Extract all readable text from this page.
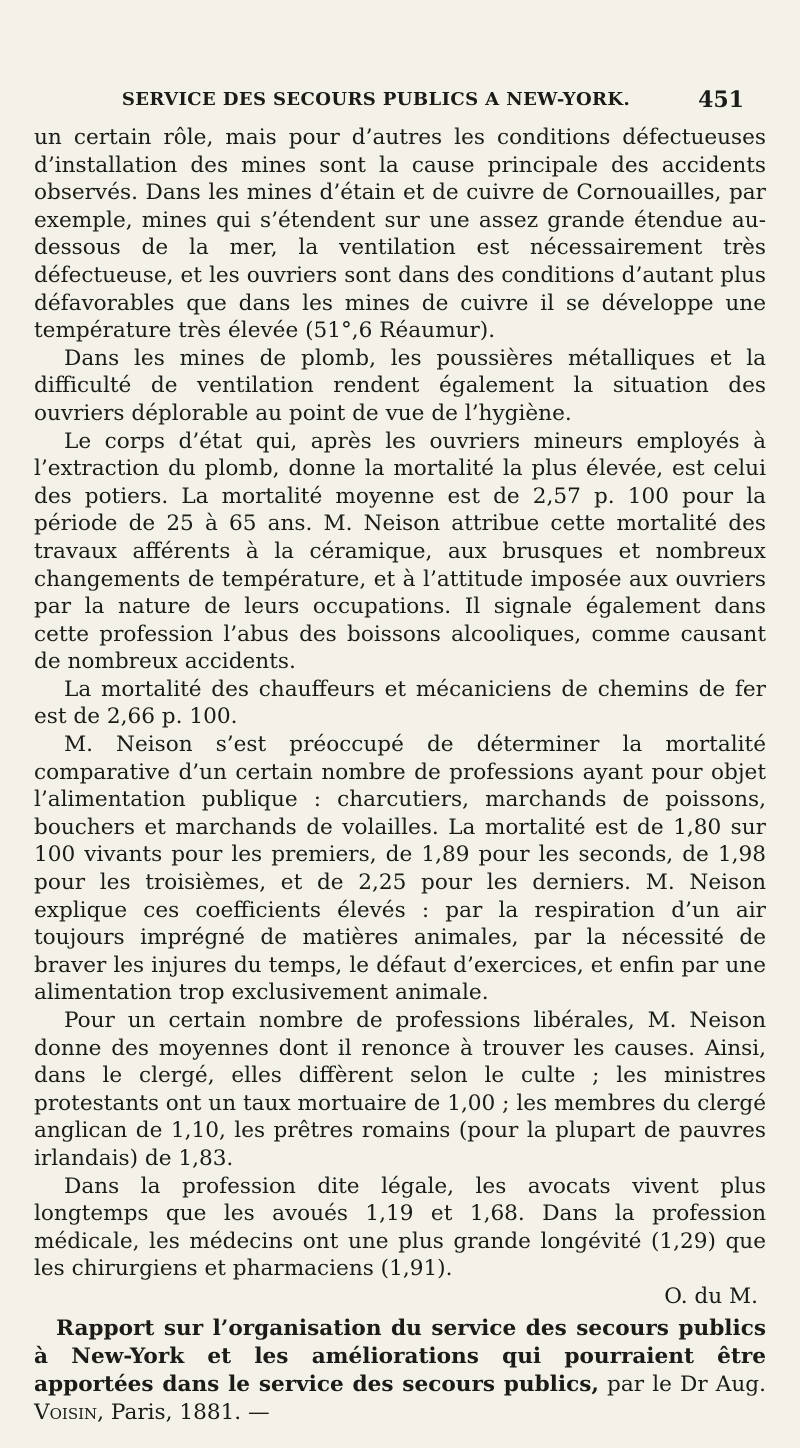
SERVICE DES SECOURS PUBLICS A NEW-YORK.	451

un certain rôle, mais pour d’autres les conditions défectueuses d’installation des mines sont la cause principale des accidents observés. Dans les mines d’étain et de cuivre de Cornouailles, par exemple, mines qui s’étendent sur une assez grande étendue au-dessous de la mer, la ventilation est nécessairement très défectueuse, et les ouvriers sont dans des conditions d’autant plus défavorables que dans les mines de cuivre il se développe une température très élevée (51°,6 Réaumur).

Dans les mines de plomb, les poussières métalliques et la difficulté de ventilation rendent également la situation des ouvriers déplorable au point de vue de l’hygiène.

Le corps d’état qui, après les ouvriers mineurs employés à l’extraction du plomb, donne la mortalité la plus élevée, est celui des potiers. La mortalité moyenne est de 2,57 p. 100 pour la période de 25 à 65 ans. M. Neison attribue cette mortalité des travaux afférents à la céramique, aux brusques et nombreux changements de température, et à l’attitude imposée aux ouvriers par la nature de leurs occupations. Il signale également dans cette profession l’abus des boissons alcooliques, comme causant de nombreux accidents.

La mortalité des chauffeurs et mécaniciens de chemins de fer est de 2,66 p. 100.

M. Neison s’est préoccupé de déterminer la mortalité comparative d’un certain nombre de professions ayant pour objet l’alimentation publique : charcutiers, marchands de poissons, bouchers et marchands de volailles. La mortalité est de 1,80 sur 100 vivants pour les premiers, de 1,89 pour les seconds, de 1,98 pour les troisièmes, et de 2,25 pour les derniers. M. Neison explique ces coefficients élevés : par la respiration d’un air toujours imprégné de matières animales, par la nécessité de braver les injures du temps, le défaut d’exercices, et enfin par une alimentation trop exclusivement animale.

Pour un certain nombre de professions libérales, M. Neison donne des moyennes dont il renonce à trouver les causes. Ainsi, dans le clergé, elles diffèrent selon le culte ; les ministres protestants ont un taux mortuaire de 1,00 ; les membres du clergé anglican de 1,10, les prêtres romains (pour la plupart de pauvres irlandais) de 1,83.

Dans la profession dite légale, les avocats vivent plus longtemps que les avoués 1,19 et 1,68. Dans la profession médicale, les médecins ont une plus grande longévité (1,29) que les chirurgiens et pharmaciens (1,91).

O. du M.

Rapport sur l’organisation du service des secours publics à New-York et les améliorations qui pourraient être apportées dans le service des secours publics, par le Dr Aug. Voisin, Paris, 1881. —
